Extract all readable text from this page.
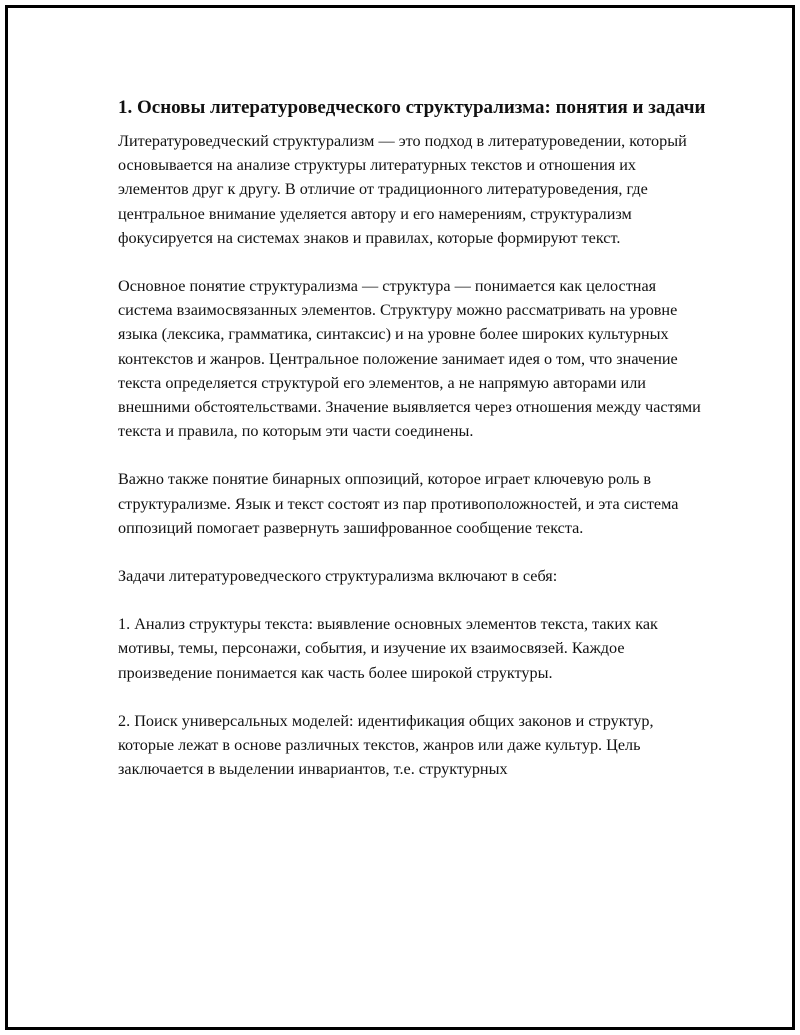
1. Основы литературоведческого структурализма: понятия и задачи

Литературоведческий структурализм — это подход в литературоведении, который основывается на анализе структуры литературных текстов и отношения их элементов друг к другу. В отличие от традиционного литературоведения, где центральное внимание уделяется автору и его намерениям, структурализм фокусируется на системах знаков и правилах, которые формируют текст.

Основное понятие структурализма — структура — понимается как целостная система взаимосвязанных элементов. Структуру можно рассматривать на уровне языка (лексика, грамматика, синтаксис) и на уровне более широких культурных контекстов и жанров. Центральное положение занимает идея о том, что значение текста определяется структурой его элементов, а не напрямую авторами или внешними обстоятельствами. Значение выявляется через отношения между частями текста и правила, по которым эти части соединены.

Важно также понятие бинарных оппозиций, которое играет ключевую роль в структурализме. Язык и текст состоят из пар противоположностей, и эта система оппозиций помогает развернуть зашифрованное сообщение текста.

Задачи литературоведческого структурализма включают в себя:

1. Анализ структуры текста: выявление основных элементов текста, таких как мотивы, темы, персонажи, события, и изучение их взаимосвязей. Каждое произведение понимается как часть более широкой структуры.

2. Поиск универсальных моделей: идентификация общих законов и структур, которые лежат в основе различных текстов, жанров или даже культур. Цель заключается в выделении инвариантов, т.е. структурных
